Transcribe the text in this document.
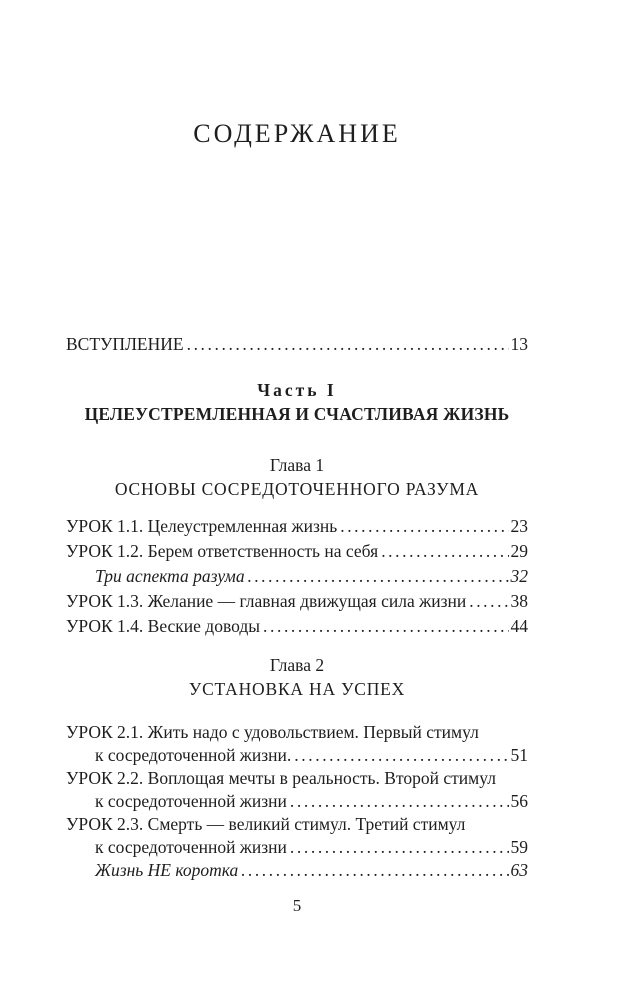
СОДЕРЖАНИЕ
ВСТУПЛЕНИЕ .....	13
Часть I
ЦЕЛЕУСТРЕМЛЕННАЯ И СЧАСТЛИВАЯ ЖИЗНЬ
Глава 1
ОСНОВЫ СОСРЕДОТОЧЕННОГО РАЗУМА
УРОК 1.1. Целеустремленная жизнь .....	23
УРОК 1.2. Берем ответственность на себя .....	29
Три аспекта разума .....	32
УРОК 1.3. Желание — главная движущая сила жизни .....	38
УРОК 1.4. Веские доводы .....	44
Глава 2
УСТАНОВКА НА УСПЕХ
УРОК 2.1. Жить надо с удовольствием. Первый стимул
к сосредоточенной жизни. .....	51
УРОК 2.2. Воплощая мечты в реальность. Второй стимул
к сосредоточенной жизни .....	56
УРОК 2.3. Смерть — великий стимул. Третий стимул
к сосредоточенной жизни .....	59
Жизнь НЕ коротка .....	63
5
